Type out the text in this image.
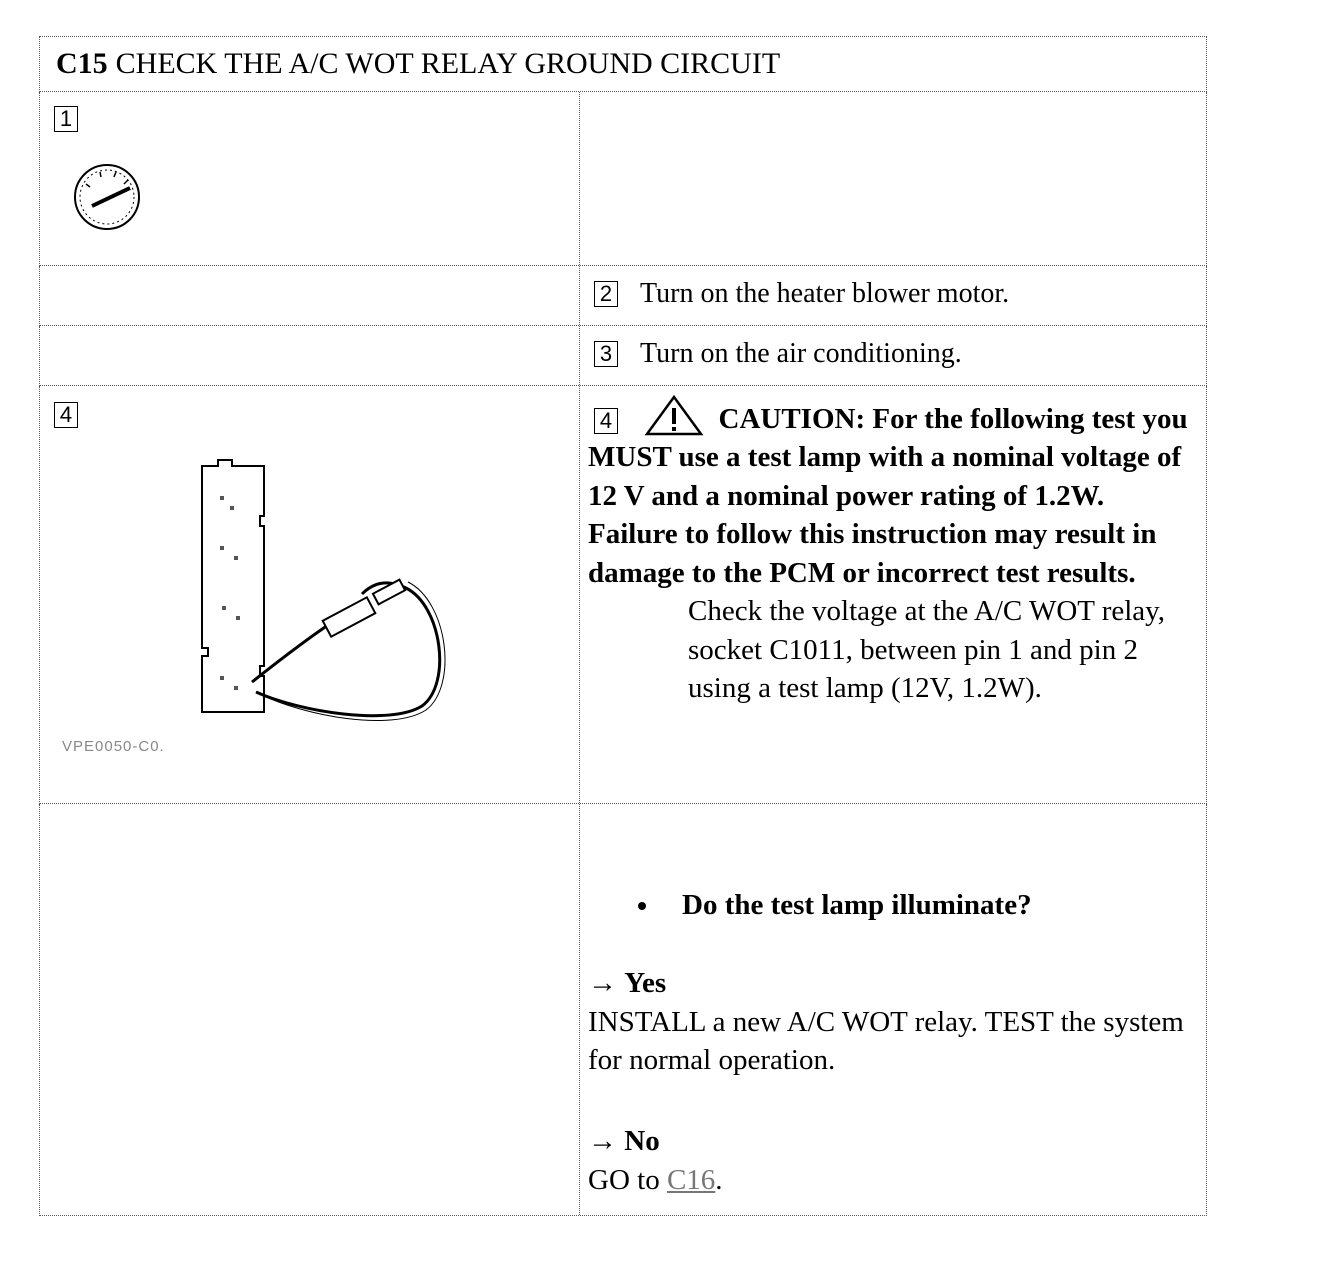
C15 CHECK THE A/C WOT RELAY GROUND CIRCUIT
1
2 Turn on the heater blower motor.
3 Turn on the air conditioning.
4
VPE0050-C0.
4	CAUTION: For the following test you MUST use a test lamp with a nominal voltage of 12 V and a nominal power rating of 1.2W. Failure to follow this instruction may result in damage to the PCM or incorrect test results.
Check the voltage at the A/C WOT relay, socket C1011, between pin 1 and pin 2 using a test lamp (12V, 1.2W).
Do the test lamp illuminate?
→ Yes
INSTALL a new A/C WOT relay. TEST the system for normal operation.
→ No
GO to C16.
